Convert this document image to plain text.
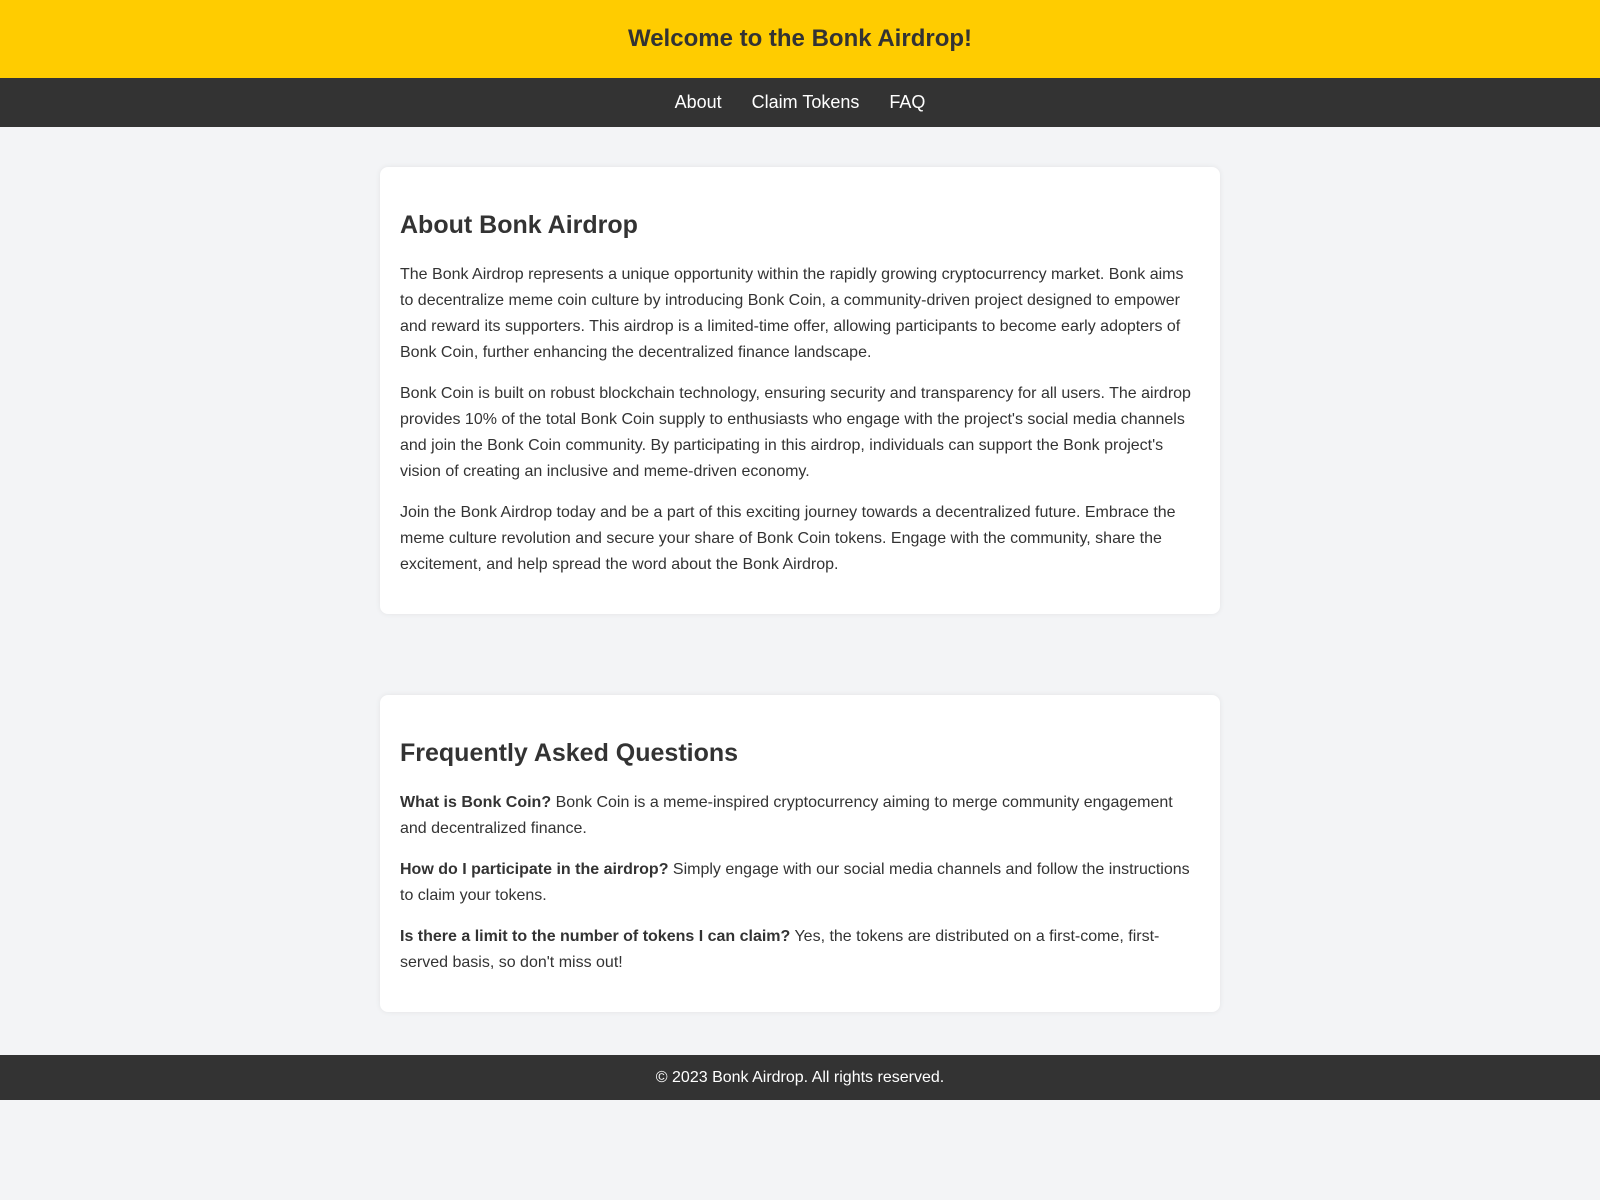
Welcome to the Bonk Airdrop!
About Claim Tokens FAQ
About Bonk Airdrop

The Bonk Airdrop represents a unique opportunity within the rapidly growing cryptocurrency market. Bonk aims to decentralize meme coin culture by introducing Bonk Coin, a community-driven project designed to empower and reward its supporters. This airdrop is a limited-time offer, allowing participants to become early adopters of Bonk Coin, further enhancing the decentralized finance landscape.

Bonk Coin is built on robust blockchain technology, ensuring security and transparency for all users. The airdrop provides 10% of the total Bonk Coin supply to enthusiasts who engage with the project's social media channels and join the Bonk Coin community. By participating in this airdrop, individuals can support the Bonk project's vision of creating an inclusive and meme-driven economy.

Join the Bonk Airdrop today and be a part of this exciting journey towards a decentralized future. Embrace the meme culture revolution and secure your share of Bonk Coin tokens. Engage with the community, share the excitement, and help spread the word about the Bonk Airdrop.

Frequently Asked Questions

What is Bonk Coin? Bonk Coin is a meme-inspired cryptocurrency aiming to merge community engagement and decentralized finance.

How do I participate in the airdrop? Simply engage with our social media channels and follow the instructions to claim your tokens.

Is there a limit to the number of tokens I can claim? Yes, the tokens are distributed on a first-come, first-served basis, so don't miss out!

© 2023 Bonk Airdrop. All rights reserved.
